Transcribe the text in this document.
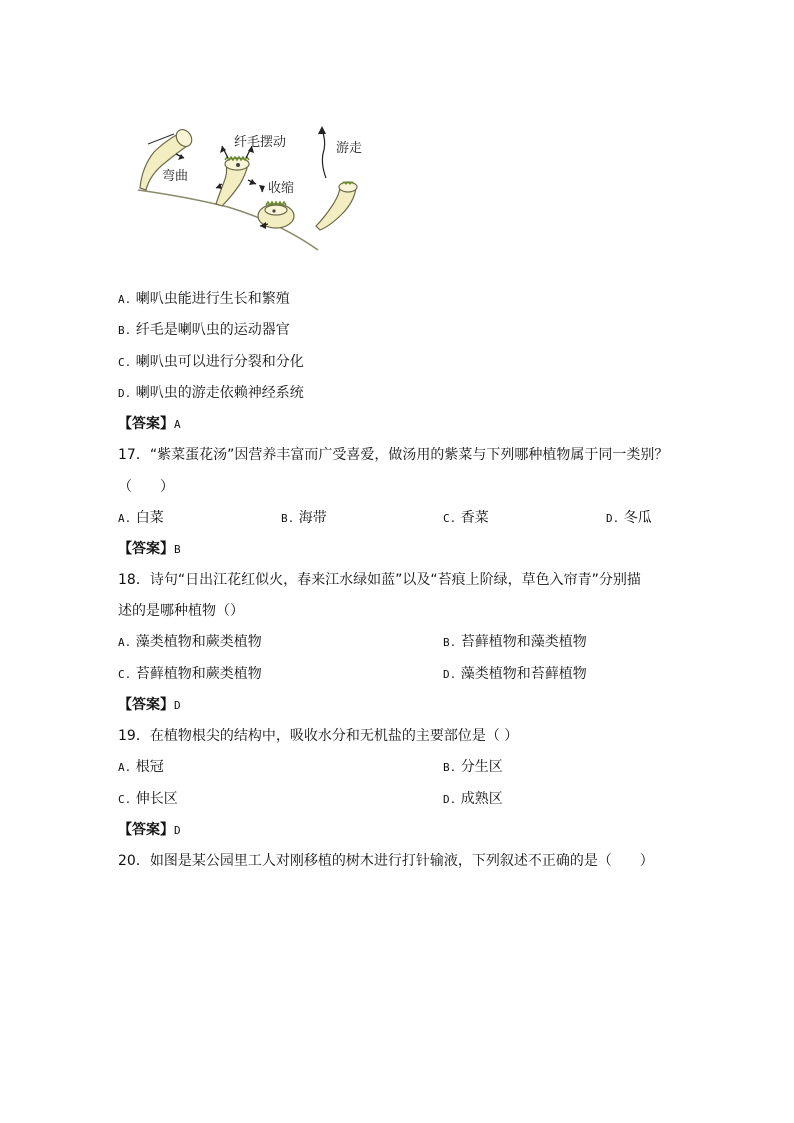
弯曲
纤毛摆动
收缩
游走
A. 喇叭虫能进行生长和繁殖
B. 纤毛是喇叭虫的运动器官
C. 喇叭虫可以进行分裂和分化
D. 喇叭虫的游走依赖神经系统
【答案】A
17．“紫菜蛋花汤”因营养丰富而广受喜爱，做汤用的紫菜与下列哪种植物属于同一类别？
（　　）
A. 白菜	B. 海带	C. 香菜	D. 冬瓜
【答案】B
18．诗句“日出江花红似火，春来江水绿如蓝”以及“苔痕上阶绿，草色入帘青”分别描
述的是哪种植物（）
A. 藻类植物和蕨类植物	B. 苔藓植物和藻类植物
C. 苔藓植物和蕨类植物	D. 藻类植物和苔藓植物
【答案】D
19．在植物根尖的结构中，吸收水分和无机盐的主要部位是（ ）
A. 根冠	B. 分生区
C. 伸长区	D. 成熟区
【答案】D
20．如图是某公园里工人对刚移植的树木进行打针输液，下列叙述不正确的是（　　）
